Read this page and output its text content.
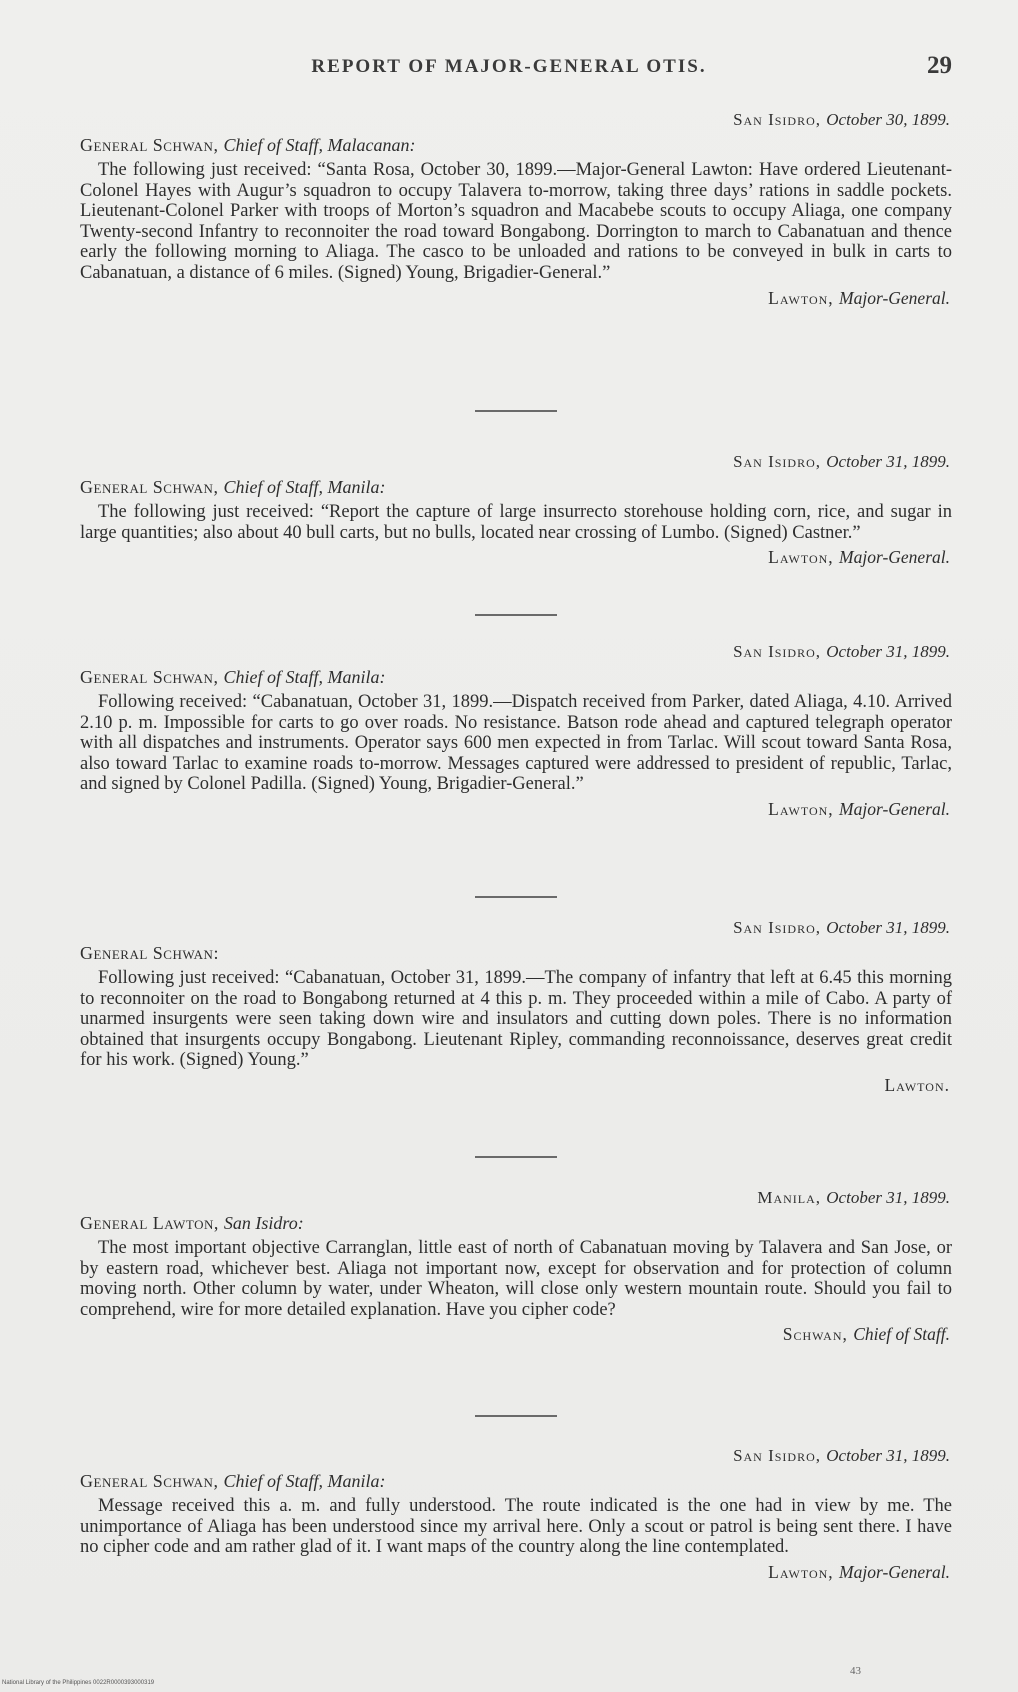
REPORT OF MAJOR-GENERAL OTIS.	29
San Isidro, October 30, 1899.
General Schwan, Chief of Staff, Malacanan:

The following just received: “Santa Rosa, October 30, 1899.—Major-General Lawton: Have ordered Lieutenant-Colonel Hayes with Augur’s squadron to occupy Talavera to-morrow, taking three days’ rations in saddle pockets. Lieutenant-Colonel Parker with troops of Morton’s squadron and Macabebe scouts to occupy Aliaga, one company Twenty-second Infantry to reconnoiter the road toward Bongabong. Dorrington to march to Cabanatuan and thence early the following morning to Aliaga. The casco to be unloaded and rations to be conveyed in bulk in carts to Cabanatuan, a distance of 6 miles. (Signed) Young, Brigadier-General.”

Lawton, Major-General.
San Isidro, October 31, 1899.
General Schwan, Chief of Staff, Manila:

The following just received: “Report the capture of large insurrecto storehouse holding corn, rice, and sugar in large quantities; also about 40 bull carts, but no bulls, located near crossing of Lumbo. (Signed) Castner.”

Lawton, Major-General.
San Isidro, October 31, 1899.
General Schwan, Chief of Staff, Manila:

Following received: “Cabanatuan, October 31, 1899.—Dispatch received from Parker, dated Aliaga, 4.10. Arrived 2.10 p. m. Impossible for carts to go over roads. No resistance. Batson rode ahead and captured telegraph operator with all dispatches and instruments. Operator says 600 men expected in from Tarlac. Will scout toward Santa Rosa, also toward Tarlac to examine roads to-morrow. Messages captured were addressed to president of republic, Tarlac, and signed by Colonel Padilla. (Signed) Young, Brigadier-General.”

Lawton, Major-General.
San Isidro, October 31, 1899.
General Schwan:

Following just received: “Cabanatuan, October 31, 1899.—The company of infantry that left at 6.45 this morning to reconnoiter on the road to Bongabong returned at 4 this p. m. They proceeded within a mile of Cabo. A party of unarmed insurgents were seen taking down wire and insulators and cutting down poles. There is no information obtained that insurgents occupy Bongabong. Lieutenant Ripley, commanding reconnoissance, deserves great credit for his work. (Signed) Young.”

Lawton.
Manila, October 31, 1899.
General Lawton, San Isidro:

The most important objective Carranglan, little east of north of Cabanatuan moving by Talavera and San Jose, or by eastern road, whichever best. Aliaga not important now, except for observation and for protection of column moving north. Other column by water, under Wheaton, will close only western mountain route. Should you fail to comprehend, wire for more detailed explanation. Have you cipher code?

Schwan, Chief of Staff.
San Isidro, October 31, 1899.
General Schwan, Chief of Staff, Manila:

Message received this a. m. and fully understood. The route indicated is the one had in view by me. The unimportance of Aliaga has been understood since my arrival here. Only a scout or patrol is being sent there. I have no cipher code and am rather glad of it. I want maps of the country along the line contemplated.

Lawton, Major-General.
43
National Library of the Philippines 0022R0000393000319
